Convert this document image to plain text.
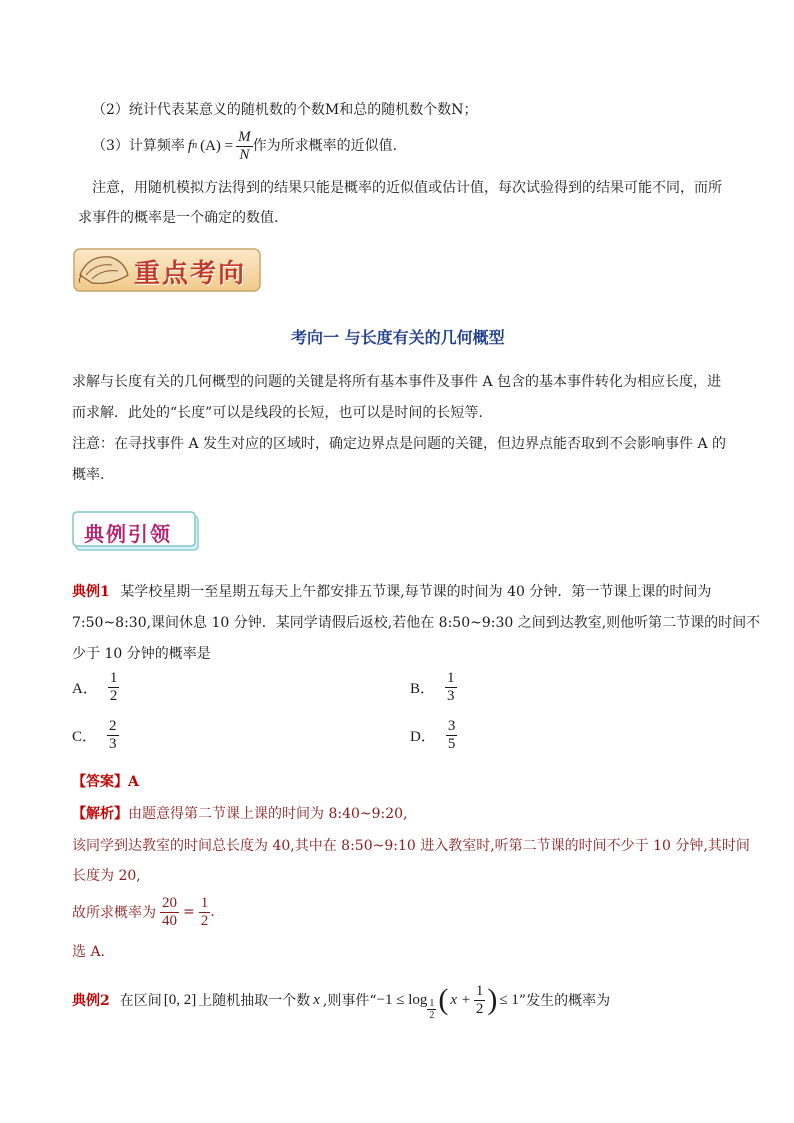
（2）统计代表某意义的随机数的个数M和总的随机数个数N；
（3）计算频率 f n $(A) = \frac{M}{N}$ 作为所求概率的近似值.
注意，用随机模拟方法得到的结果只能是概率的近似值或估计值，每次试验得到的结果可能不同，而所
求事件的概率是一个确定的数值.
重点考向
考向一 与长度有关的几何概型
求解与长度有关的几何概型的问题的关键是将所有基本事件及事件 A 包含的基本事件转化为相应长度，进
而求解．此处的“长度”可以是线段的长短，也可以是时间的长短等.
注意：在寻找事件 A 发生对应的区域时，确定边界点是问题的关键，但边界点能否取到不会影响事件 A 的
概率.
典例引领
典例1 某学校星期一至星期五每天上午都安排五节课,每节课的时间为 40 分钟．第一节课上课的时间为
7:50~8:30,课间休息 10 分钟．某同学请假后返校,若他在 8:50~9:30 之间到达教室,则他听第二节课的时间不
少于 10 分钟的概率是
A． $\frac{1}{2}$	B． $\frac{1}{3}$
C． $\frac{2}{3}$	D． $\frac{3}{5}$
【答案】A
【解析】由题意得第二节课上课的时间为 8:40~9:20,
该同学到达教室的时间总长度为 40,其中在 8:50~9:10 进入教室时,听第二节课的时间不少于 10 分钟,其时间
长度为 20,
故所求概率为 $\frac{20}{40} = \frac{1}{2}$ .
选 A．
典例2 在区间 [0, 2] 上随机抽取一个数 x ,则事件“ $-1 \le \log \frac{1}{2}$ ( $x + \frac{1}{2}$ ) ≤ 1 ”发生的概率为
